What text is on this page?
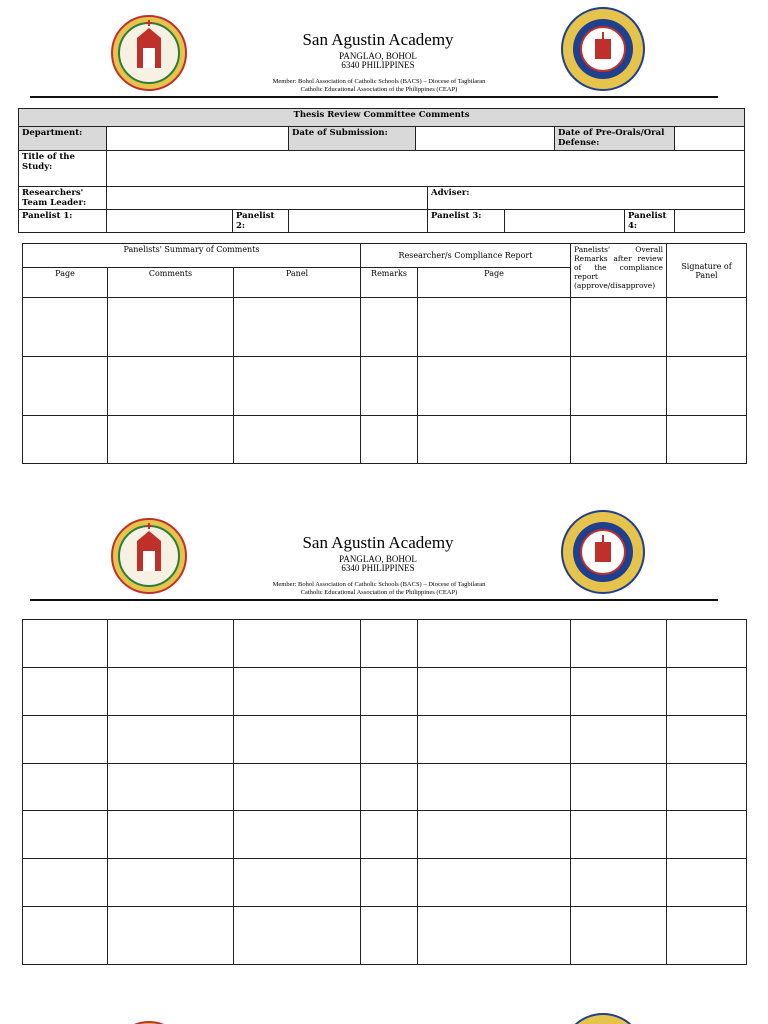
San Agustin Academy
PANGLAO, BOHOL
6340 PHILIPPINES
Member: Bohol Association of Catholic Schools (BACS) – Diocese of Tagbilaran
Catholic Educational Association of the Philippines (CEAP)
Thesis Review Committee Comments									
Department:			Date of Submission:				Date of Pre-Orals/Oral Defense:		
Title of the Study:									
Researchers' Team Leader:					Adviser:				
Panelist 1:		Panelist 2:			Panelist 3:			Panelist 4:	
Panelists' Summary of Comments			Researcher/s Compliance Report		Panelists' Overall Remarks after review of the compliance report (approve/disapprove)	Signature of Panel
Page	Comments	Panel	Remarks	Page		

San Agustin Academy
PANGLAO, BOHOL
6340 PHILIPPINES
Member: Bohol Association of Catholic Schools (BACS) – Diocese of Tagbilaran
Catholic Educational Association of the Philippines (CEAP)
